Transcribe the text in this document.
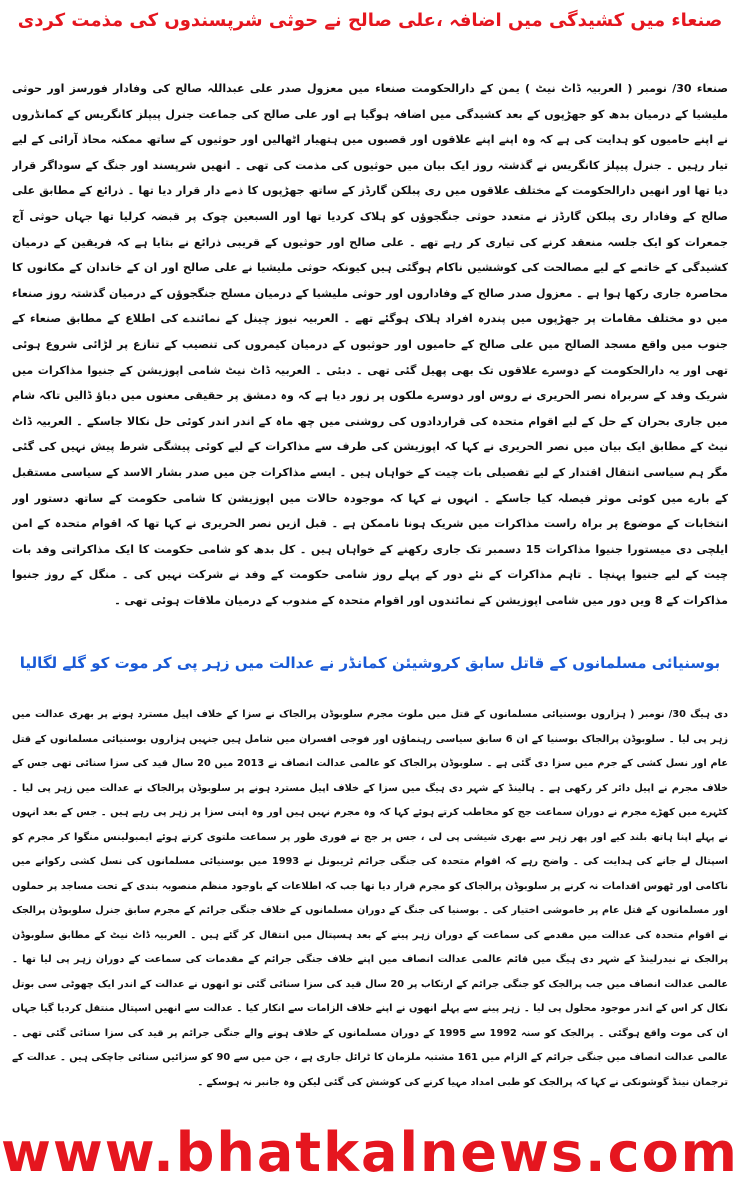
صنعاء میں کشیدگی میں اضافہ ،علی صالح نے حوثی شرپسندوں کی مذمت کردی
صنعاء 30/ نومبر ( العربیہ ڈاٹ نیٹ ) یمن کے دارالحکومت صنعاء میں معزول صدر علی عبداللہ صالح کی وفادار فورسز اور حوثی ملیشیا کے درمیان بدھ کو جھڑپوں کے بعد کشیدگی میں اضافہ ہوگیا ہے اور علی صالح کی جماعت جنرل پیپلز کانگریس کے کمانڈروں نے اپنے حامیوں کو ہدایت کی ہے کہ وہ اپنے اپنے علاقوں اور قصبوں میں ہتھیار اٹھالیں اور حوثیوں کے ساتھ ممکنہ محاذ آرائی کے لیے تیار رہیں ۔ جنرل پیپلز کانگریس نے گذشتہ روز ایک بیان میں حوثیوں کی مذمت کی تھی ۔ انھیں شرپسند اور جنگ کے سوداگر قرار دیا تھا اور انھیں دارالحکومت کے مختلف علاقوں میں ری پبلکن گارڈز کے ساتھ جھڑپوں کا ذمے دار قرار دیا تھا ۔ ذرائع کے مطابق علی صالح کے وفادار ری پبلکن گارڈز نے متعدد حوثی جنگجوؤں کو ہلاک کردیا تھا اور السبعین چوک پر قبضہ کرلیا تھا جہاں حوثی آج جمعرات کو ایک جلسہ منعقد کرنے کی تیاری کر رہے تھے ۔ علی صالح اور حوثیوں کے قریبی ذرائع نے بتایا ہے کہ فریقین کے درمیان کشیدگی کے خاتمے کے لیے مصالحت کی کوششیں ناکام ہوگئی ہیں کیونکہ حوثی ملیشیا نے علی صالح اور ان کے خاندان کے مکانوں کا محاصرہ جاری رکھا ہوا ہے ۔ معزول صدر صالح کے وفاداروں اور حوثی ملیشیا کے درمیان مسلح جنگجوؤں کے درمیان گذشتہ روز صنعاء میں دو مختلف مقامات پر جھڑپوں میں پندرہ افراد ہلاک ہوگئے تھے ۔ العربیہ نیوز چینل کے نمائندے کی اطلاع کے مطابق صنعاء کے جنوب میں واقع مسجد الصالح میں علی صالح کے حامیوں اور حوثیوں کے درمیان کیمروں کی تنصیب کے تنازع پر لڑائی شروع ہوئی تھی اور یہ دارالحکومت کے دوسرے علاقوں تک بھی پھیل گئی تھی ۔ دبئی ۔ العربیہ ڈاٹ نیٹ شامی اپوزیشن کے جنیوا مذاکرات میں شریک وفد کے سربراہ نصر الحریری نے روس اور دوسرے ملکوں پر زور دیا ہے کہ وہ دمشق پر حقیقی معنوں میں دباؤ ڈالیں تاکہ شام میں جاری بحران کے حل کے لیے اقوام متحدہ کی قراردادوں کی روشنی میں چھ ماہ کے اندر اندر کوئی حل نکالا جاسکے ۔ العربیہ ڈاٹ نیٹ کے مطابق ایک بیان میں نصر الحریری نے کہا کہ اپوزیشن کی طرف سے مذاکرات کے لیے کوئی پیشگی شرط پیش نہیں کی گئی مگر ہم سیاسی انتقال اقتدار کے لیے تفصیلی بات چیت کے خواہاں ہیں ۔ ایسے مذاکرات جن میں صدر بشار الاسد کے سیاسی مستقبل کے بارے میں کوئی موثر فیصلہ کیا جاسکے ۔ انہوں نے کہا کہ موجودہ حالات میں اپوزیشن کا شامی حکومت کے ساتھ دستور اور انتخابات کے موضوع پر براہ راست مذاکرات میں شریک ہونا ناممکن ہے ۔ قبل ازیں نصر الحریری نے کہا تھا کہ اقوام متحدہ کے امن ایلچی دی میستورا جنیوا مذاکرات 15 دسمبر تک جاری رکھنے کے خواہاں ہیں ۔ کل بدھ کو شامی حکومت کا ایک مذاکراتی وفد بات چیت کے لیے جنیوا پہنچا ۔ تاہم مذاکرات کے نئے دور کے پہلے روز شامی حکومت کے وفد نے شرکت نہیں کی ۔ منگل کے روز جنیوا مذاکرات کے 8 ویں دور میں شامی اپوزیشن کے نمائندوں اور اقوام متحدہ کے مندوب کے درمیان ملاقات ہوئی تھی ۔
بوسنیائی مسلمانوں کے قاتل سابق کروشیئن کمانڈر نے عدالت میں زہر پی کر موت کو گلے لگالیا
دی ہیگ 30/ نومبر ( ہزاروں بوسنیائی مسلمانوں کے قتل میں ملوث مجرم سلوبوڈن پرالجاک نے سزا کے خلاف اپیل مسترد ہونے پر بھری عدالت میں زہر پی لیا ۔ سلوبوڈن پرالجاک بوسنیا کے ان 6 سابق سیاسی رہنماؤں اور فوجی افسران میں شامل ہیں جنہیں ہزاروں بوسنیائی مسلمانوں کے قتل عام اور نسل کشی کے جرم میں سزا دی گئی ہے ۔ سلوبوڈن پرالجاک کو عالمی عدالت انصاف نے 2013 میں 20 سال قید کی سزا سنائی تھی جس کے خلاف مجرم نے اپیل دائر کر رکھی ہے ۔ ہالینڈ کے شہر دی ہیگ میں سزا کے خلاف اپیل مسترد ہونے پر سلوبوڈن پرالجاک نے عدالت میں زہر پی لیا ۔ کٹہرے میں کھڑے مجرم نے دوران سماعت جج کو مخاطب کرتے ہوئے کہا کہ وہ مجرم نہیں ہیں اور وہ اپنی سزا پر زہر پی رہے ہیں ۔ جس کے بعد انہوں نے پہلے اپنا ہاتھ بلند کیے اور پھر زہر سے بھری شیشی پی لی ، جس پر جج نے فوری طور پر سماعت ملتوی کرتے ہوئے ایمبولینس منگوا کر مجرم کو اسپتال لے جانے کی ہدایت کی ۔ واضح رہے کہ اقوام متحدہ کی جنگی جرائم ٹریبونل نے 1993 میں بوسنیائی مسلمانوں کی نسل کشی رکوانے میں ناکامی اور ٹھوس اقدامات نہ کرنے پر سلوبوڈن پرالجاک کو مجرم قرار دیا تھا جب کہ اطلاعات کے باوجود منظم منصوبہ بندی کے تحت مساجد پر حملوں اور مسلمانوں کے قتل عام پر خاموشی اختیار کی ۔ بوسنیا کی جنگ کے دوران مسلمانوں کے خلاف جنگی جرائم کے مجرم سابق جنرل سلوبوڈن پرالجک نے اقوام متحدہ کی عدالت میں مقدمے کی سماعت کے دوران زہر پینے کے بعد ہسپتال میں انتقال کر گئے ہیں ۔ العربیہ ڈاٹ نیٹ کے مطابق سلوبوڈن پرالجک نے نیدرلینڈ کے شہر دی ہیگ میں قائم عالمی عدالت انصاف میں اپنے خلاف جنگی جرائم کے مقدمات کی سماعت کے دوران زہر پی لیا تھا ۔ عالمی عدالت انصاف میں جب پرالجک کو جنگی جرائم کے ارتکاب پر 20 سال قید کی سزا سنائی گئی تو انھوں نے عدالت کے اندر ایک چھوٹی سی بوتل نکال کر اس کے اندر موجود محلول پی لیا ۔ زہر پینے سے پہلے انھوں نے اپنے خلاف الزامات سے انکار کیا ۔ عدالت سے انھیں اسپتال منتقل کردیا گیا جہاں ان کی موت واقع ہوگئی ۔ پرالجک کو سنہ 1992 سے 1995 کے دوران مسلمانوں کے خلاف ہونے والے جنگی جرائم پر قید کی سزا سنائی گئی تھی ۔ عالمی عدالت انصاف میں جنگی جرائم کے الزام میں 161 مشتبہ ملزمان کا ٹرائل جاری ہے ، جن میں سے 90 کو سزائیں سنائی جاچکی ہیں ۔ عدالت کے ترجمان نینڈ گوشونکی نے کہا کہ پرالجک کو طبی امداد مہیا کرنے کی کوشش کی گئی لیکن وہ جانبر نہ ہوسکے ۔
www.bhatkalnews.com
